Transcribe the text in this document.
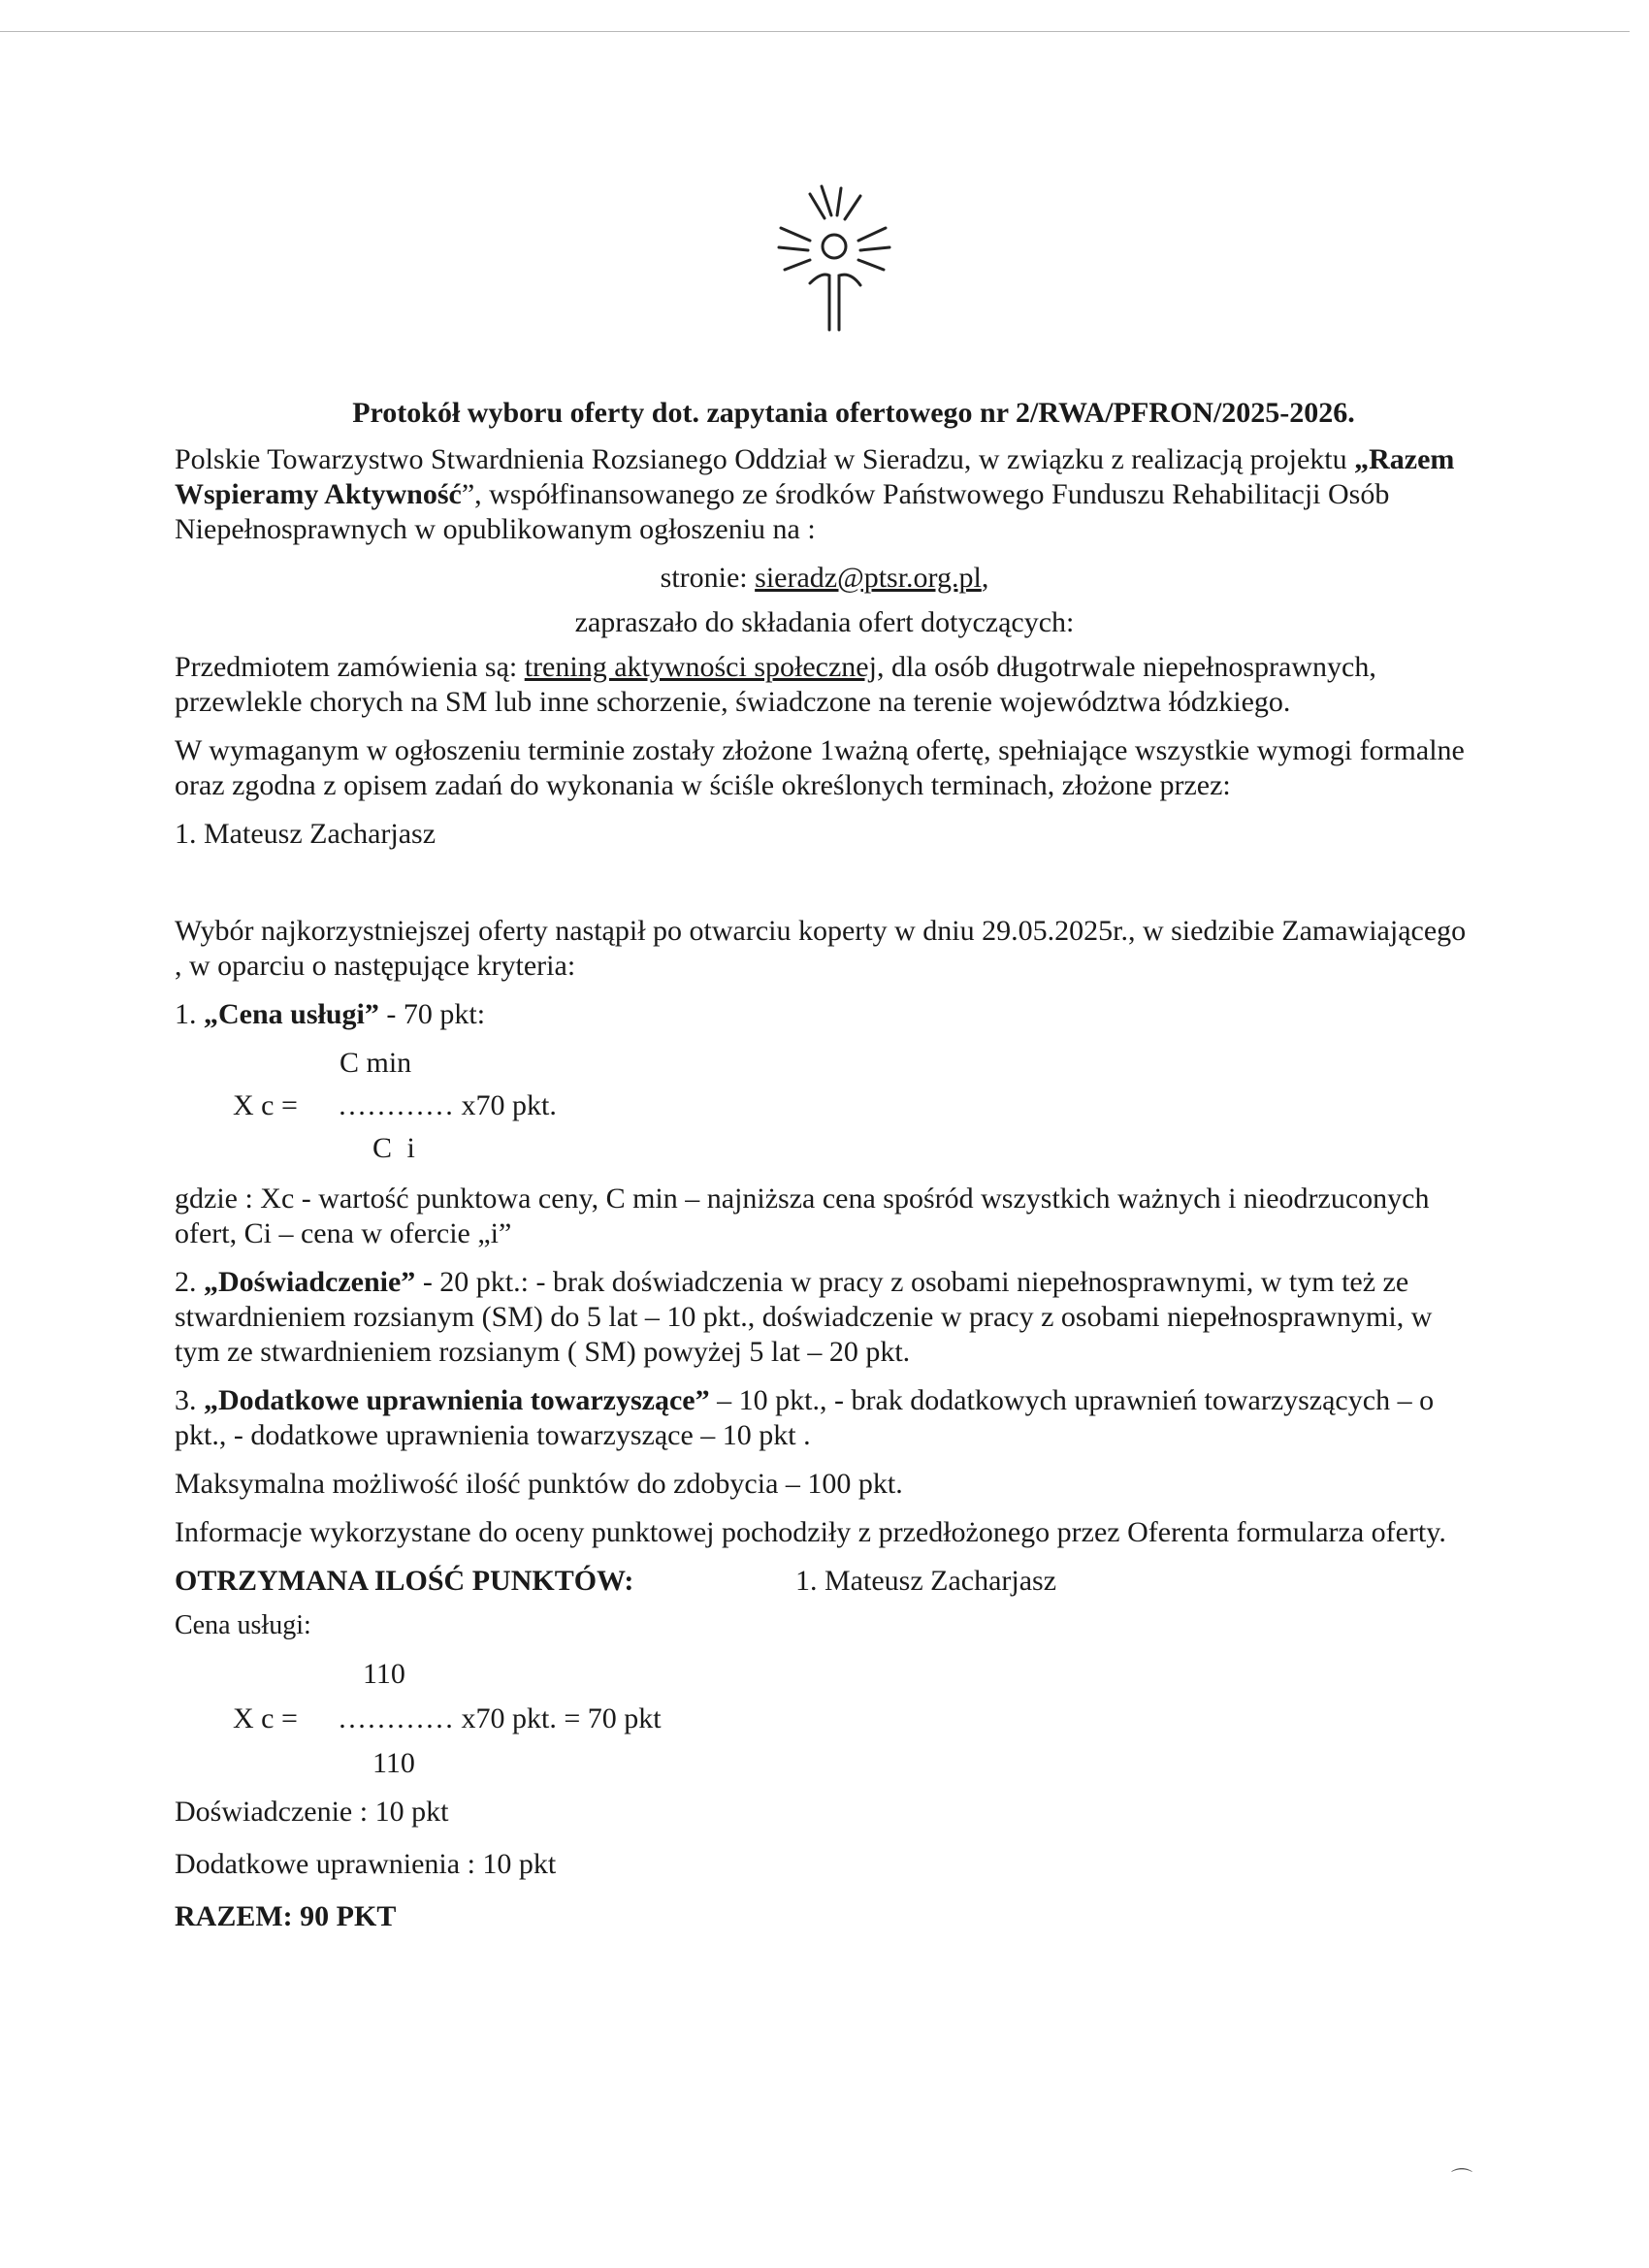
Protokół wyboru oferty dot. zapytania ofertowego nr 2/RWA/PFRON/2025-2026.

Polskie Towarzystwo Stwardnienia Rozsianego Oddział w Sieradzu, w związku z realizacją projektu „Razem Wspieramy Aktywność”, współfinansowanego ze środków Państwowego Funduszu Rehabilitacji Osób Niepełnosprawnych w opublikowanym ogłoszeniu na :

stronie: sieradz@ptsr.org.pl,
zapraszało do składania ofert dotyczących:

Przedmiotem zamówienia są: trening aktywności społecznej, dla osób długotrwale niepełnosprawnych, przewlekle chorych na SM lub inne schorzenie, świadczone na terenie województwa łódzkiego.

W wymaganym w ogłoszeniu terminie zostały złożone 1ważną ofertę, spełniające wszystkie wymogi formalne oraz zgodna z opisem zadań do wykonania w ściśle określonych terminach, złożone przez:

1. Mateusz Zacharjasz

Wybór najkorzystniejszej oferty nastąpił po otwarciu koperty w dniu 29.05.2025r., w siedzibie Zamawiającego , w oparciu o następujące kryteria:

1. „Cena usługi” - 70 pkt:

C min
X c = ………… x70 pkt.
C i

gdzie : Xc - wartość punktowa ceny, C min – najniższa cena spośród wszystkich ważnych i nieodrzuconych ofert, Ci – cena w ofercie „i”

2. „Doświadczenie” - 20 pkt.: - brak doświadczenia w pracy z osobami niepełnosprawnymi, w tym też ze stwardnieniem rozsianym (SM) do 5 lat – 10 pkt., doświadczenie w pracy z osobami niepełnosprawnymi, w tym ze stwardnieniem rozsianym ( SM) powyżej 5 lat – 20 pkt.

3. „Dodatkowe uprawnienia towarzyszące” – 10 pkt., - brak dodatkowych uprawnień towarzyszących – o pkt., - dodatkowe uprawnienia towarzyszące – 10 pkt .

Maksymalna możliwość ilość punktów do zdobycia – 100 pkt.

Informacje wykorzystane do oceny punktowej pochodziły z przedłożonego przez Oferenta formularza oferty.

OTRZYMANA ILOŚĆ PUNKTÓW:	1. Mateusz Zacharjasz
Cena usługi:
110
X c = ………… x70 pkt. = 70 pkt
110

Doświadczenie : 10 pkt

Dodatkowe uprawnienia : 10 pkt

RAZEM: 90 PKT

⌒
